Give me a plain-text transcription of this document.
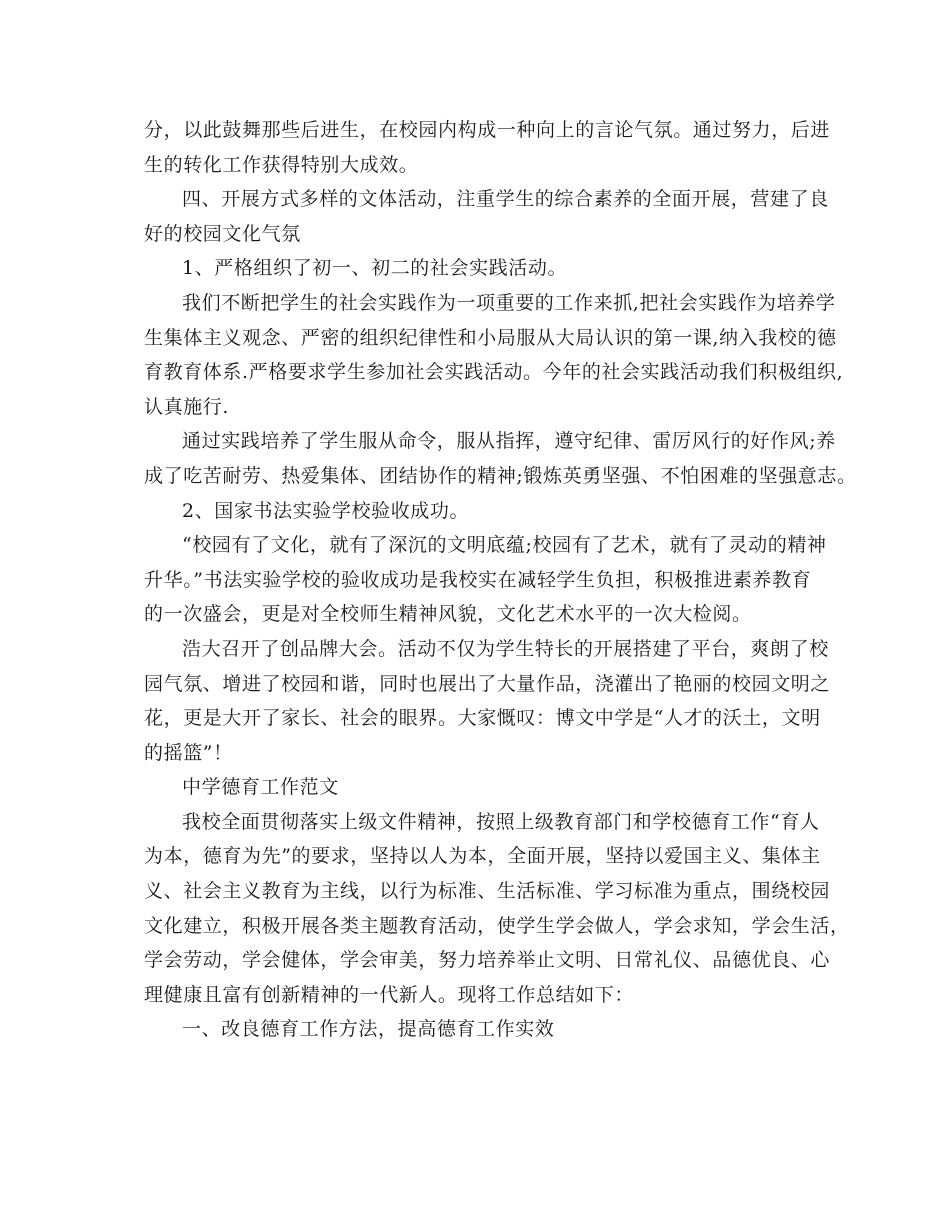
分，以此鼓舞那些后进生，在校园内构成一种向上的言论气氛。通过努力，后进
生的转化工作获得特别大成效。
四、开展方式多样的文体活动，注重学生的综合素养的全面开展，营建了良
好的校园文化气氛
1、严格组织了初一、初二的社会实践活动。
我们不断把学生的社会实践作为一项重要的工作来抓,把社会实践作为培养学
生集体主义观念、严密的组织纪律性和小局服从大局认识的第一课,纳入我校的德
育教育体系.严格要求学生参加社会实践活动。今年的社会实践活动我们积极组织,
认真施行.
通过实践培养了学生服从命令，服从指挥，遵守纪律、雷厉风行的好作风;养
成了吃苦耐劳、热爱集体、团结协作的精神;锻炼英勇坚强、不怕困难的坚强意志。
2、国家书法实验学校验收成功。
“校园有了文化，就有了深沉的文明底蕴;校园有了艺术，就有了灵动的精神
升华。”书法实验学校的验收成功是我校实在减轻学生负担，积极推进素养教育
的一次盛会，更是对全校师生精神风貌，文化艺术水平的一次大检阅。
浩大召开了创品牌大会。活动不仅为学生特长的开展搭建了平台，爽朗了校
园气氛、增进了校园和谐，同时也展出了大量作品，浇灌出了艳丽的校园文明之
花，更是大开了家长、社会的眼界。大家慨叹：博文中学是“人才的沃土，文明
的摇篮”！
中学德育工作范文
我校全面贯彻落实上级文件精神，按照上级教育部门和学校德育工作“育人
为本，德育为先”的要求，坚持以人为本，全面开展，坚持以爱国主义、集体主
义、社会主义教育为主线，以行为标准、生活标准、学习标准为重点，围绕校园
文化建立，积极开展各类主题教育活动，使学生学会做人，学会求知，学会生活，
学会劳动，学会健体，学会审美，努力培养举止文明、日常礼仪、品德优良、心
理健康且富有创新精神的一代新人。现将工作总结如下：
一、改良德育工作方法，提高德育工作实效
